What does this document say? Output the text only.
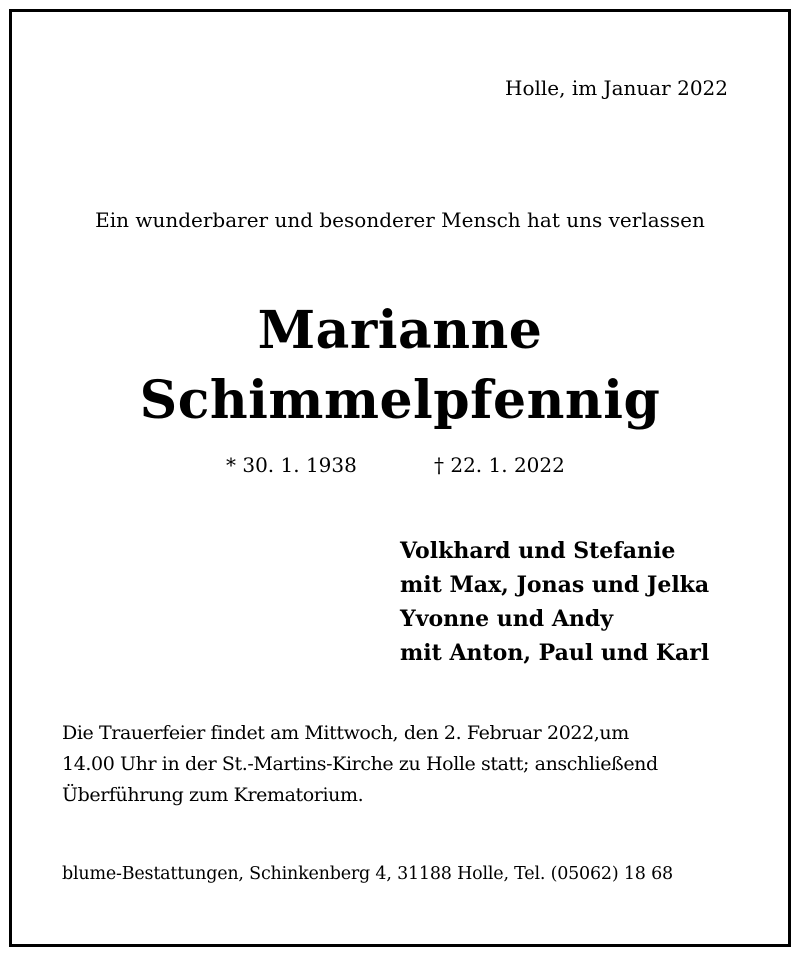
Holle, im Januar 2022
Ein wunderbarer und besonderer Mensch hat uns verlassen
Marianne
Schimmelpfennig
* 30. 1. 1938	† 22. 1. 2022
Volkhard und Stefanie
mit Max, Jonas und Jelka
Yvonne und Andy
mit Anton, Paul und Karl
Die Trauerfeier findet am Mittwoch, den 2. Februar 2022,um
14.00 Uhr in der St.-Martins-Kirche zu Holle statt; anschließend
Überführung zum Krematorium.
blume-Bestattungen, Schinkenberg 4, 31188 Holle, Tel. (05062) 18 68
